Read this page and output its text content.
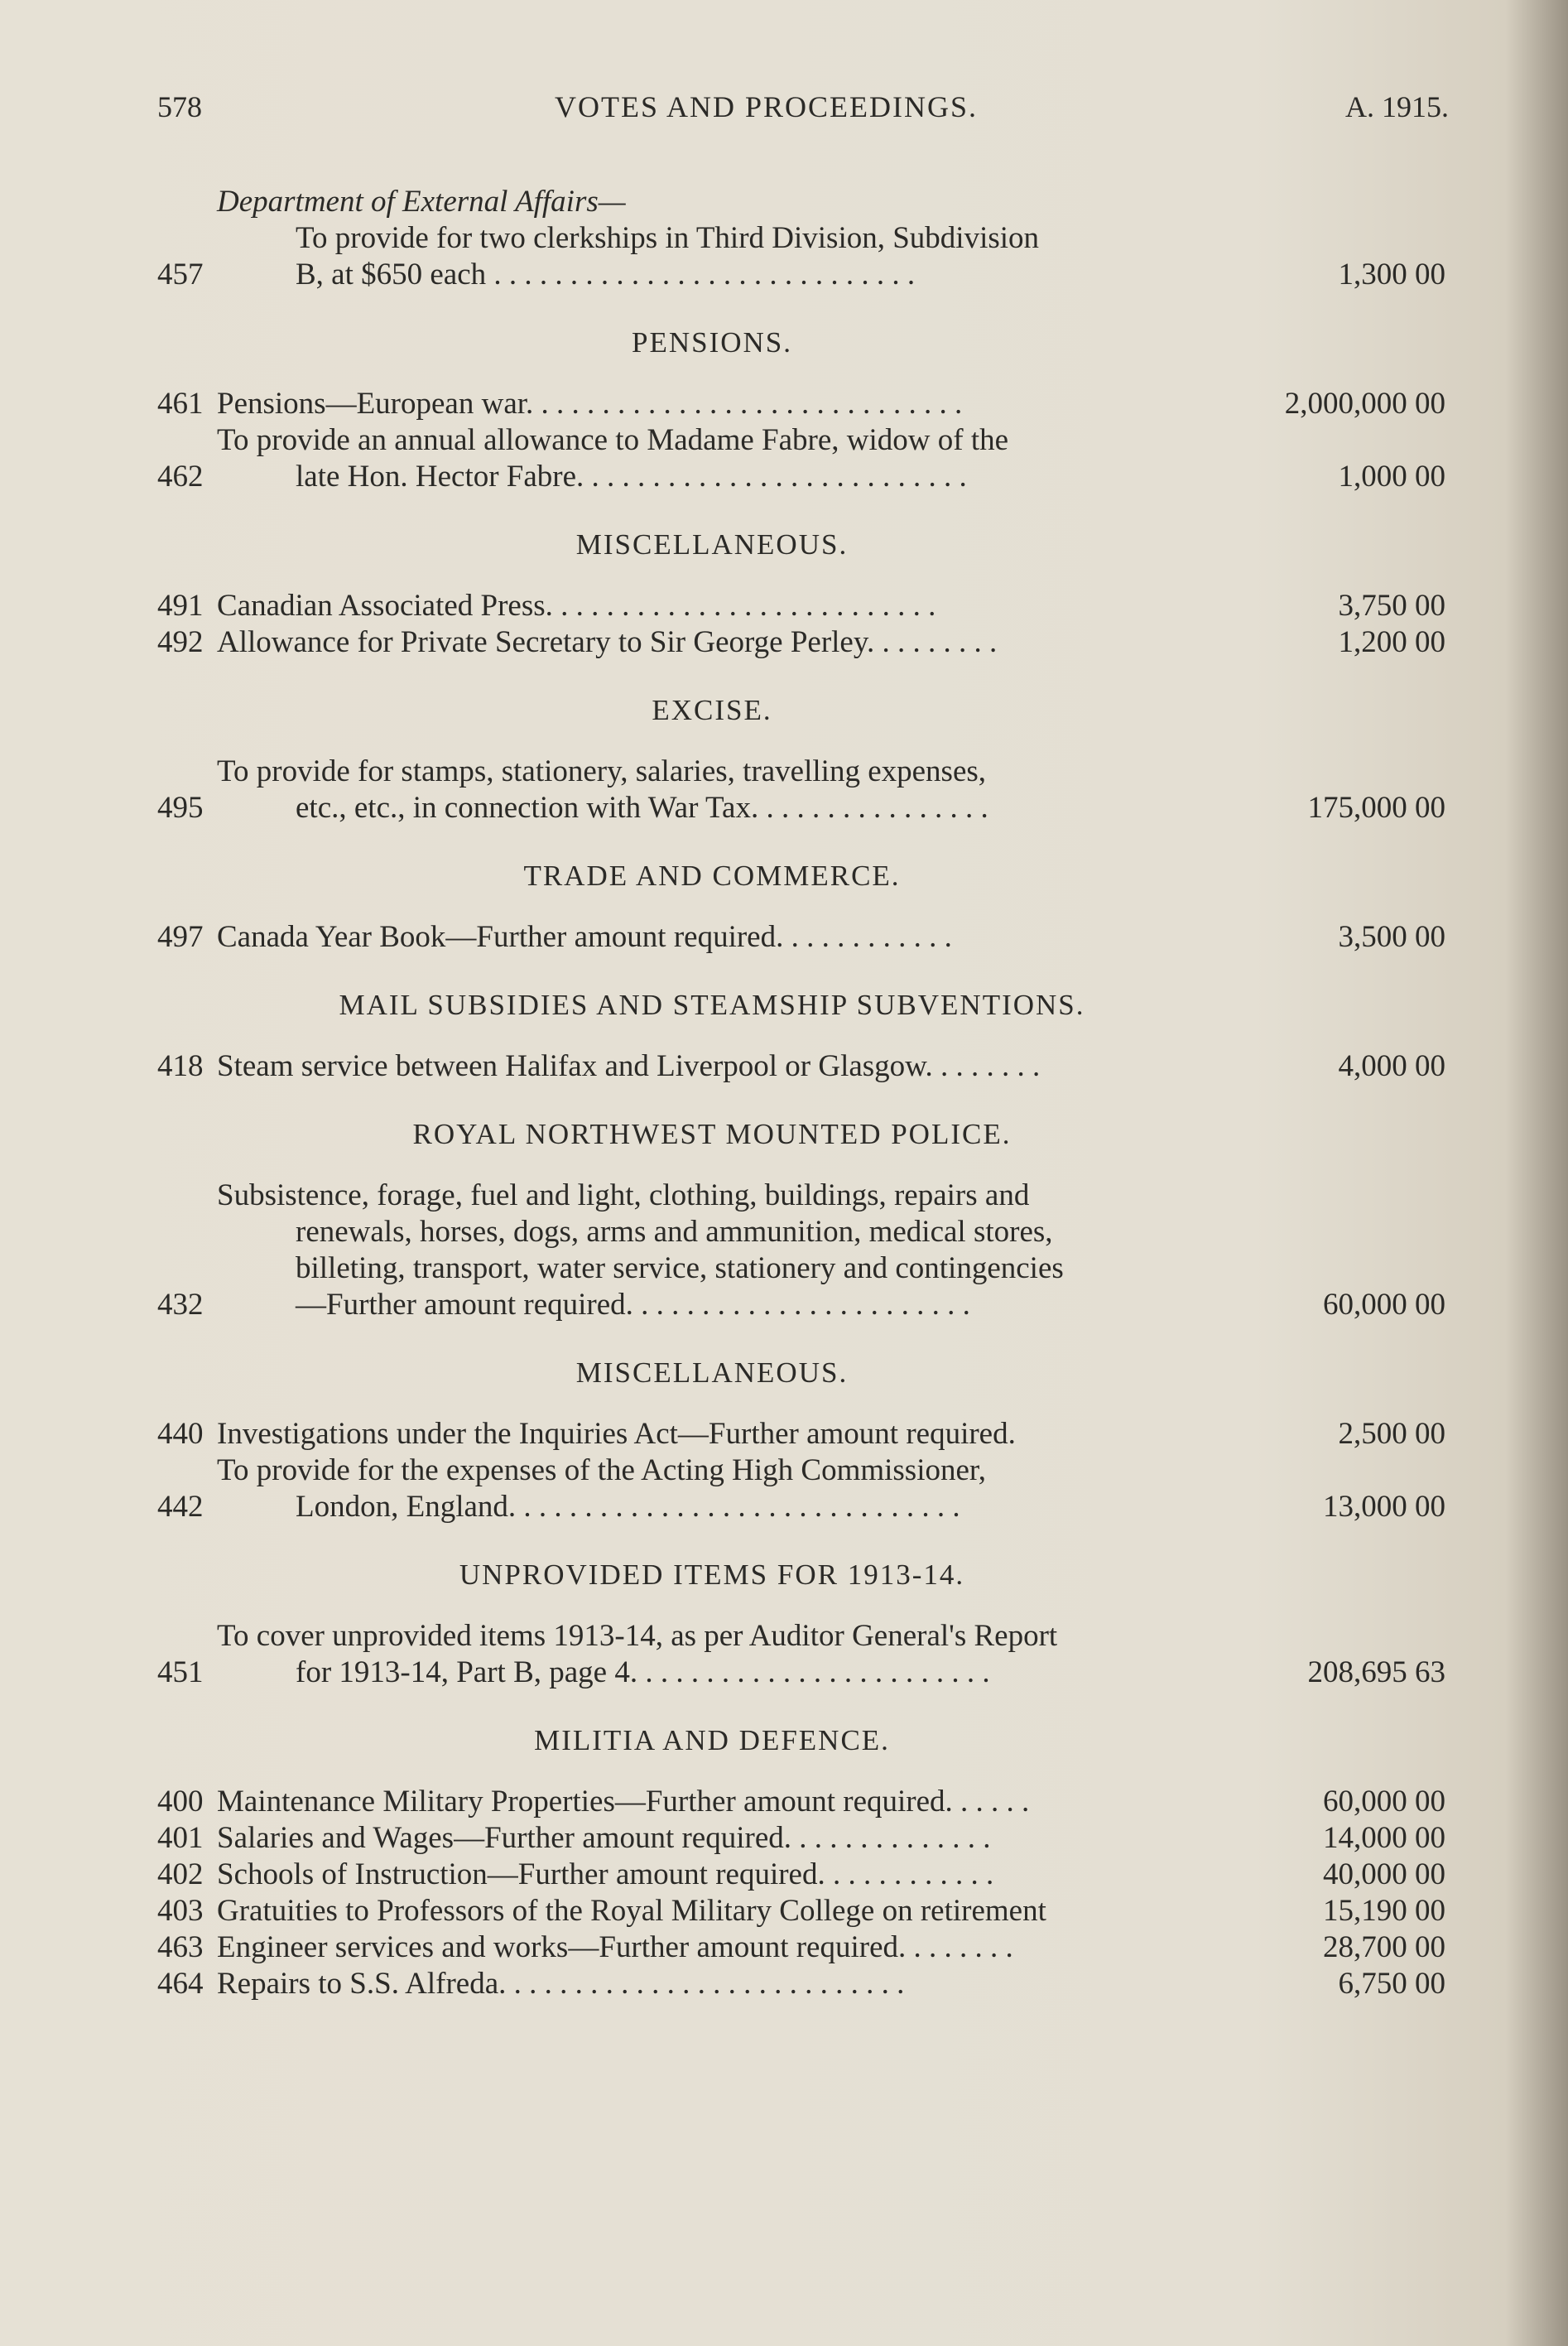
578	VOTES AND PROCEEDINGS.	A. 1915.
457
Department of External Affairs—
To provide for two clerkships in Third Division, Subdivision
B, at $650 each . . . . . . . . . . . . . . . . . . . . . . . . . . . .	1,300 00
PENSIONS.
461 Pensions—European war. . . . . . . . . . . . . . . . . . . . . . . . . . . . .	2,000,000 00
462
To provide an annual allowance to Madame Fabre, widow of the
late Hon. Hector Fabre. . . . . . . . . . . . . . . . . . . . . . . . . .	1,000 00
MISCELLANEOUS.
491 Canadian Associated Press. . . . . . . . . . . . . . . . . . . . . . . . . .	3,750 00
492 Allowance for Private Secretary to Sir George Perley. . . . . . . . .	1,200 00
EXCISE.
495
To provide for stamps, stationery, salaries, travelling expenses,
etc., etc., in connection with War Tax. . . . . . . . . . . . . . . .	175,000 00
TRADE AND COMMERCE.
497 Canada Year Book—Further amount required. . . . . . . . . . . .	3,500 00
MAIL SUBSIDIES AND STEAMSHIP SUBVENTIONS.
418 Steam service between Halifax and Liverpool or Glasgow. . . . . . . .	4,000 00
ROYAL NORTHWEST MOUNTED POLICE.
432
Subsistence, forage, fuel and light, clothing, buildings, repairs and
renewals, horses, dogs, arms and ammunition, medical stores,
billeting, transport, water service, stationery and contingencies
—Further amount required. . . . . . . . . . . . . . . . . . . . . . .	60,000 00
MISCELLANEOUS.
440 Investigations under the Inquiries Act—Further amount required.	2,500 00
442
To provide for the expenses of the Acting High Commissioner,
London, England. . . . . . . . . . . . . . . . . . . . . . . . . . . . . .	13,000 00
UNPROVIDED ITEMS FOR 1913-14.
451
To cover unprovided items 1913-14, as per Auditor General's Report
for 1913-14, Part B, page 4. . . . . . . . . . . . . . . . . . . . . . . .	208,695 63
MILITIA AND DEFENCE.
400 Maintenance Military Properties—Further amount required. . . . . .	60,000 00
401 Salaries and Wages—Further amount required. . . . . . . . . . . . . .	14,000 00
402 Schools of Instruction—Further amount required. . . . . . . . . . . .	40,000 00
403 Gratuities to Professors of the Royal Military College on retirement	15,190 00
463 Engineer services and works—Further amount required. . . . . . . .	28,700 00
464 Repairs to S.S. Alfreda. . . . . . . . . . . . . . . . . . . . . . . . . . .	6,750 00
